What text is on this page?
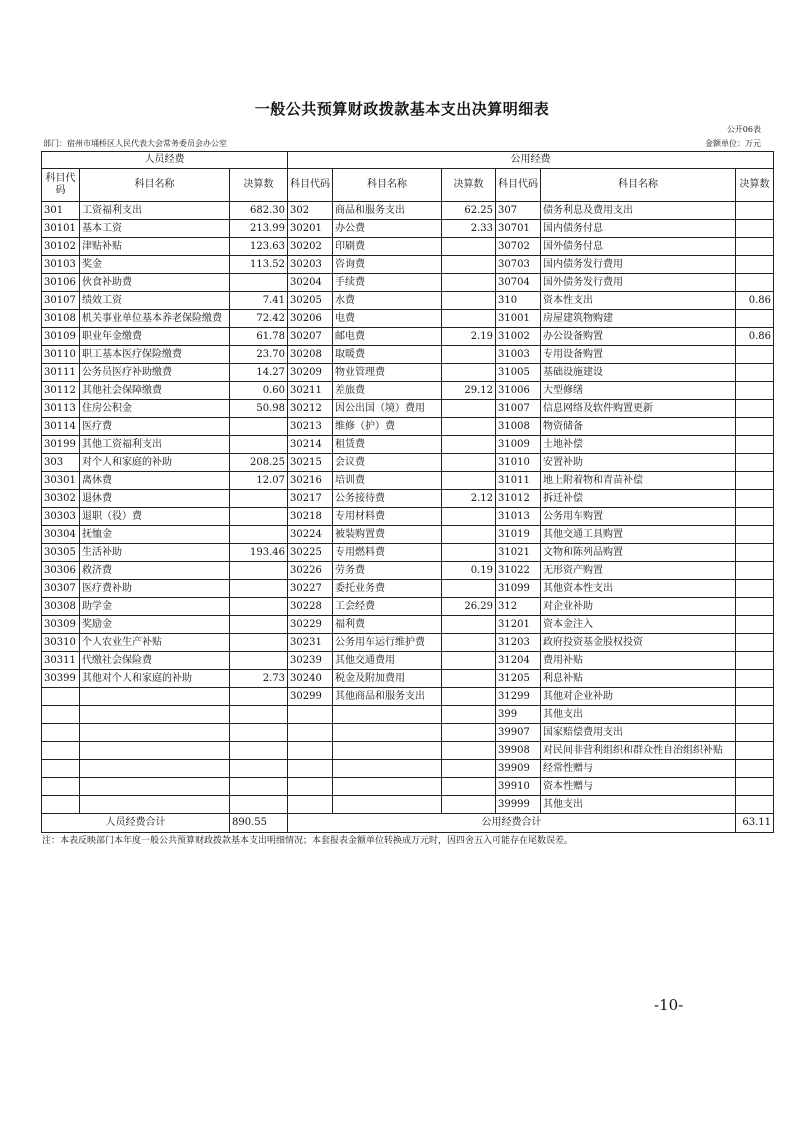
一般公共预算财政拨款基本支出决算明细表
公开06表
部门：宿州市埇桥区人民代表大会常务委员会办公室	金额单位：万元
人员经费			公用经费					
科目代码	科目名称	决算数	科目代码	科目名称	决算数	科目代码	科目名称	决算数
301	工资福利支出	682.30	302	商品和服务支出	62.25	307	债务利息及费用支出	
30101	基本工资	213.99	30201	办公费	2.33	30701	国内债务付息	
30102	津贴补贴	123.63	30202	印刷费		30702	国外债务付息	
30103	奖金	113.52	30203	咨询费		30703	国内债务发行费用	
30106	伙食补助费		30204	手续费		30704	国外债务发行费用	
30107	绩效工资	7.41	30205	水费		310	资本性支出	0.86
30108	机关事业单位基本养老保险缴费	72.42	30206	电费		31001	房屋建筑物购建	
30109	职业年金缴费	61.78	30207	邮电费	2.19	31002	办公设备购置	0.86
30110	职工基本医疗保险缴费	23.70	30208	取暖费		31003	专用设备购置	
30111	公务员医疗补助缴费	14.27	30209	物业管理费		31005	基础设施建设	
30112	其他社会保障缴费	0.60	30211	差旅费	29.12	31006	大型修缮	
30113	住房公积金	50.98	30212	因公出国（境）费用		31007	信息网络及软件购置更新	
30114	医疗费		30213	维修（护）费		31008	物资储备	
30199	其他工资福利支出		30214	租赁费		31009	土地补偿	
303	对个人和家庭的补助	208.25	30215	会议费		31010	安置补助	
30301	离休费	12.07	30216	培训费		31011	地上附着物和青苗补偿	
30302	退休费		30217	公务接待费	2.12	31012	拆迁补偿	
30303	退职（役）费		30218	专用材料费		31013	公务用车购置	
30304	抚恤金		30224	被装购置费		31019	其他交通工具购置	
30305	生活补助	193.46	30225	专用燃料费		31021	文物和陈列品购置	
30306	救济费		30226	劳务费	0.19	31022	无形资产购置	
30307	医疗费补助		30227	委托业务费		31099	其他资本性支出	
30308	助学金		30228	工会经费	26.29	312	对企业补助	
30309	奖励金		30229	福利费		31201	资本金注入	
30310	个人农业生产补贴		30231	公务用车运行维护费		31203	政府投资基金股权投资	
30311	代缴社会保险费		30239	其他交通费用		31204	费用补贴	
30399	其他对个人和家庭的补助	2.73	30240	税金及附加费用		31205	利息补贴	
			30299	其他商品和服务支出		31299	其他对企业补助	
						399	其他支出	
						39907	国家赔偿费用支出	
						39908	对民间非营利组织和群众性自治组织补贴	
						39909	经常性赠与	
						39910	资本性赠与	
						39999	其他支出	
人员经费合计		890.55	公用经费合计					63.11
注：本表反映部门本年度一般公共预算财政拨款基本支出明细情况；本套报表金额单位转换成万元时，因四舍五入可能存在尾数误差。
-10-
